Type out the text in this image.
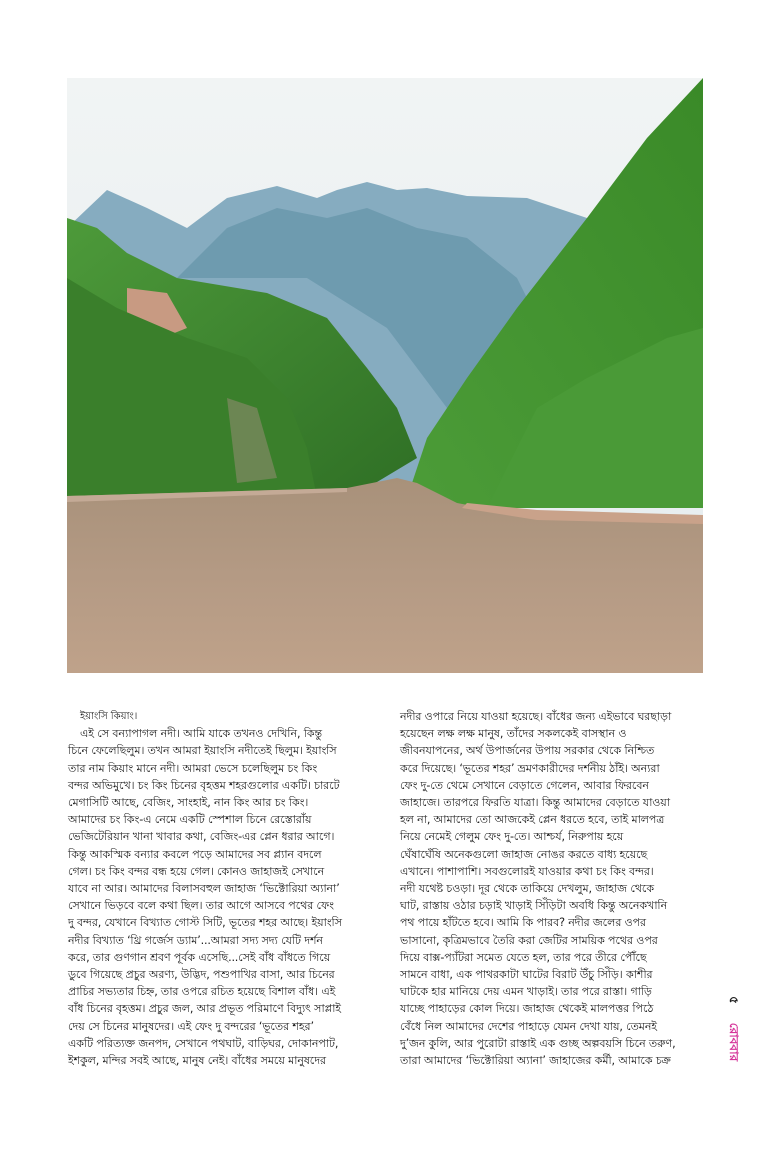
ইয়াংসি কিয়াং।

এই সে বন্যাপাগল নদী। আমি যাকে তখনও দেখিনি, কিন্তু

চিনে ফেলেছিলুম। তখন আমরা ইয়াংসি নদীতেই ছিলুম। ইয়াংসি

তার নাম কিয়াং মানে নদী। আমরা ভেসে চলেছিলুম চং কিং

বন্দর অভিমুখে। চং কিং চিনের বৃহত্তম শহরগুলোর একটি। চারটে

মেগাসিটি আছে, বেজিং, সাংহাই, নান কিং আর চং কিং।

আমাদের চং কিং-এ নেমে একটি স্পেশাল চিনে রেস্তোরাঁয়

ভেজিটেরিয়ান খানা খাবার কথা, বেজিং-এর প্লেন ধরার আগে।

কিন্তু আকস্মিক বন্যার কবলে পড়ে আমাদের সব প্ল্যান বদলে

গেল। চং কিং বন্দর বন্ধ হয়ে গেল। কোনও জাহাজই সেখানে

যাবে না আর। আমাদের বিলাসবহুল জাহাজ ‘ভিক্টোরিয়া অ্যানা’

সেখানে ভিড়বে বলে কথা ছিল। তার আগে আসবে পথের ফেং

দু বন্দর, যেখানে বিখ্যাত গোস্ট সিটি, ভূতের শহর আছে। ইয়াংসি

নদীর বিখ্যাত ‘থ্রি গর্জেস ড্যাম’...আমরা সদ্য সদ্য যেটি দর্শন

করে, তার গুণগান শ্রবণ পূর্বক এসেছি...সেই বাঁধ বাঁধতে গিয়ে

ডুবে গিয়েছে প্রচুর অরণ্য, উদ্ভিদ, পশুপাখির বাসা, আর চিনের

প্রাচির সভ্যতার চিহ্ন, তার ওপরে রচিত হয়েছে বিশাল বাঁধ। এই

বাঁধ চিনের বৃহত্তম। প্রচুর জল, আর প্রভূত পরিমাণে বিদ্যুৎ সাপ্লাই

দেয় সে চিনের মানুষদের। এই ফেং দু বন্দরের ‘ভূতের শহর’

একটি পরিত্যক্ত জনপদ, সেখানে পথঘাট, বাড়িঘর, দোকানপাট,

ইশকুল, মন্দির সবই আছে, মানুষ নেই। বাঁধের সময়ে মানুষদের

নদীর ওপারে নিয়ে যাওয়া হয়েছে। বাঁধের জন্য এইভাবে ঘরছাড়া

হয়েছেন লক্ষ লক্ষ মানুষ, তাঁদের সকলকেই বাসস্থান ও

জীবনযাপনের, অর্থ উপার্জনের উপায় সরকার থেকে নিশ্চিত

করে দিয়েছে। ‘ভূতের শহর’ ভ্রমণকারীদের দর্শনীয় ঠাঁই। অন্যরা

ফেং দু-তে থেমে সেখানে বেড়াতে গেলেন, আবার ফিরবেন

জাহাজে। তারপরে ফিরতি যাত্রা। কিন্তু আমাদের বেড়াতে যাওয়া

হল না, আমাদের তো আজকেই প্লেন ধরতে হবে, তাই মালপত্র

নিয়ে নেমেই গেলুম ফেং দু-তে। আশ্চর্য, নিরুপায় হয়ে

ঘেঁষাঘেঁষি অনেকগুলো জাহাজ নোঙর করতে বাধ্য হয়েছে

এখানে। পাশাপাশি। সবগুলোরই যাওয়ার কথা চং কিং বন্দর।

নদী যথেষ্ট চওড়া। দূর থেকে তাকিয়ে দেখলুম, জাহাজ থেকে

ঘাট, রাস্তায় ওঠার চড়াই খাড়াই সিঁড়িটা অবধি কিন্তু অনেকখানি

পথ পায়ে হাঁটতে হবে। আমি কি পারব? নদীর জলের ওপর

ভাসানো, কৃত্রিমভাবে তৈরি করা জেটির সাময়িক পথের ওপর

দিয়ে বাক্স-প্যাঁটরা সমেত যেতে হল, তার পরে তীরে পৌঁছে

সামনে বাধা, এক পাথরকাটা ঘাটের বিরাট উঁচু সিঁড়ি। কাশীর

ঘাটকে হার মানিয়ে দেয় এমন খাড়াই। তার পরে রাস্তা। গাড়ি

যাচ্ছে পাহাড়ের কোল দিয়ে। জাহাজ থেকেই মালপত্তর পিঠে

বেঁধে নিল আমাদের দেশের পাহাড়ে যেমন দেখা যায়, তেমনই

দু’জন কুলি, আর পুরোটা রাস্তাই এক গুচ্ছ অল্পবয়সি চিনে তরুণ,

তারা আমাদের ‘ভিক্টোরিয়া অ্যানা’ জাহাজের কর্মী, আমাকে চক্র

৫
রোববার
